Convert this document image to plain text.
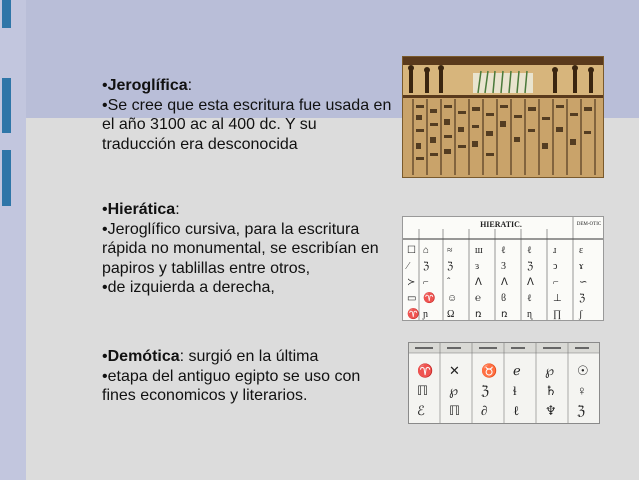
•Jeroglífica:

•Se cree que esta escritura fue usada en el año 3100 ac al 400 dc. Y su traducción era desconocida

•Hierática:

•Jeroglífico cursiva, para la escritura rápida no monumental, se escribían en papiros y tablillas entre otros,

•de izquierda a derecha,

•Demótica: surgió en la última

•etapa del antiguo egipto se uso con fines economicos y literarios.

HIERATIC.	DEM-OTIC
☐ ⌂ ≈ ш ℓ ℓ ɹ ɛ
⁄ ℨ ℨ ɜ 3 ℨ ↄ ɤ
≻ ⌐ ˆ ᐱ ᐱ ᐱ ⌐ ∽
▭ ♈ ☺ ℮ ϐ ℓ ⊥ ℨ
♈ ɲ Ω ռ ռ ɳ ∏ ʃ
♈ ✕ ♉ ℯ ℘ ☉
ℿ ℘ ℨ ɬ ♄ ♀
ℰ ℿ ∂ ℓ ♆ ℨ
